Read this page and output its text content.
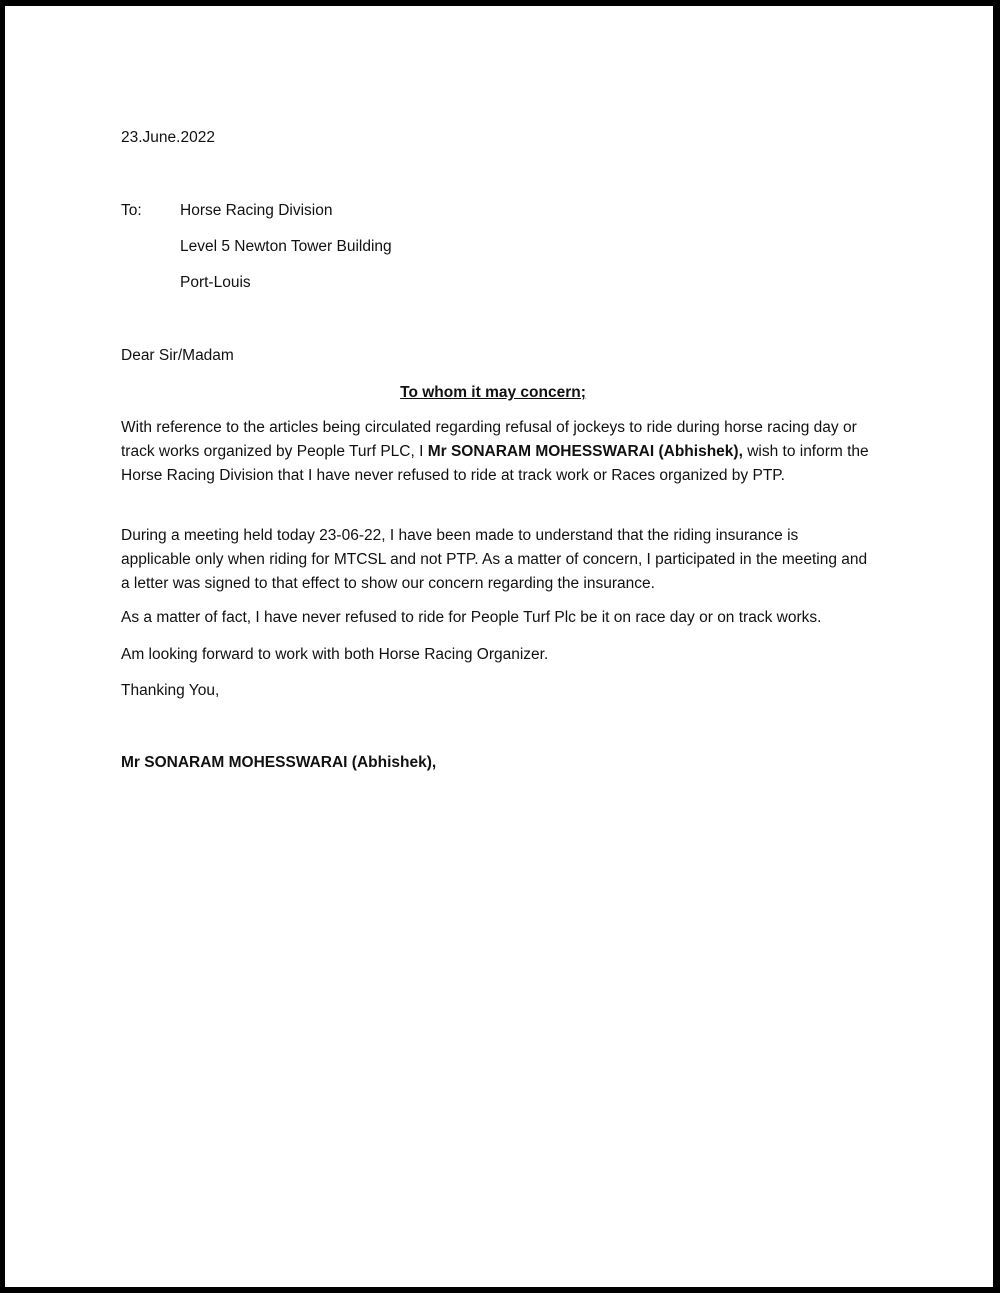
23.June.2022
To: Horse Racing Division
Level 5 Newton Tower Building
Port-Louis
Dear Sir/Madam
To whom it may concern;

With reference to the articles being circulated regarding refusal of jockeys to ride during horse racing day or track works organized by People Turf PLC, I Mr SONARAM MOHESSWARAI (Abhishek), wish to inform the Horse Racing Division that I have never refused to ride at track work or Races organized by PTP.

During a meeting held today 23-06-22, I have been made to understand that the riding insurance is applicable only when riding for MTCSL and not PTP. As a matter of concern, I participated in the meeting and a letter was signed to that effect to show our concern regarding the insurance.

As a matter of fact, I have never refused to ride for People Turf Plc be it on race day or on track works.

Am looking forward to work with both Horse Racing Organizer.

Thanking You,
Mr SONARAM MOHESSWARAI (Abhishek),
